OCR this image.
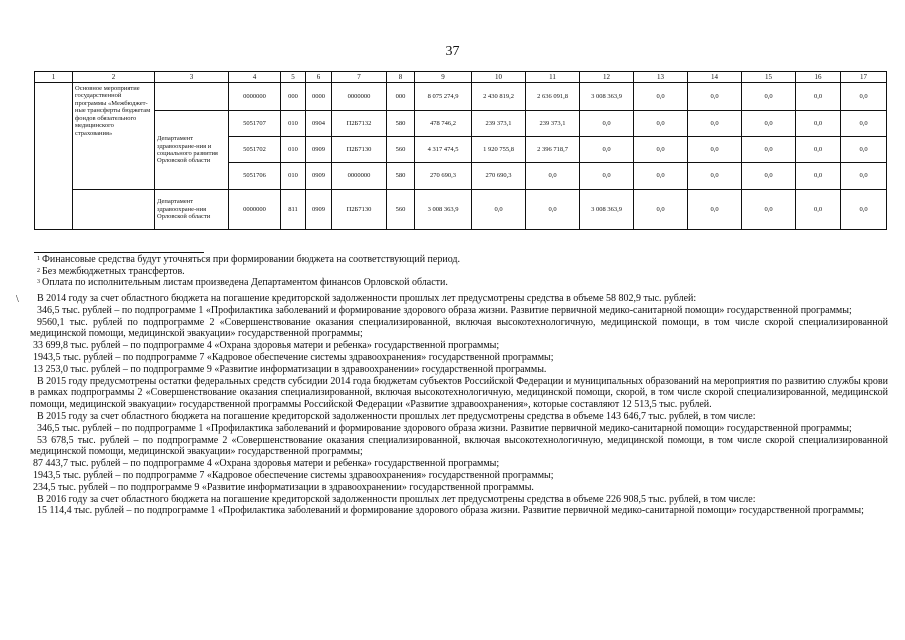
37
1	2	3	4	5	6	7	8	9	10	11	12	13	14	15	16	17
	Основное мероприятие государственной программы «Межбюджет-ные трансферты бюджетам фондов обязательного медицинского страхования»		0000000	000	0000	0000000	000	8 075 274,9	2 430 819,2	2 636 091,8	3 008 363,9	0,0	0,0	0,0	0,0	0,0
		Департамент здравоохране-ния и социального развития Орловской области	5051707	010	0904	П2Б7132	580	478 746,2	239 373,1	239 373,1	0,0	0,0	0,0	0,0	0,0	0,0
			5051702	010	0909	П2Б7130	560	4 317 474,5	1 920 755,8	2 396 718,7	0,0	0,0	0,0	0,0	0,0	0,0
			5051706	010	0909	0000000	580	270 690,3	270 690,3	0,0	0,0	0,0	0,0	0,0	0,0	0,0
		Департамент здравоохране-ния Орловской области	0000000	811	0909	П2Б7130	560	3 008 363,9	0,0	0,0	3 008 363,9	0,0	0,0	0,0	0,0	0,0
$^1$ Финансовые средства будут уточняться при формировании бюджета на соответствующий период.
$^2$ Без межбюджетных трансфертов.
$^3$ Оплата по исполнительным листам произведена Департаментом финансов Орловской области.
\	В 2014 году за счет областного бюджета на погашение кредиторской задолженности прошлых лет предусмотрены средства в объеме 58 802,9 тыс. рублей:

346,5 тыс. рублей – по подпрограмме 1 «Профилактика заболеваний и формирование здорового образа жизни. Развитие первичной медико-санитарной помощи» государственной программы;

9560,1 тыс. рублей по подпрограмме 2 «Совершенствование оказания специализированной, включая высокотехнологичную, медицинской помощи, в том числе скорой специализированной медицинской помощи, медицинской эвакуации» государственной программы;

33 699,8 тыс. рублей – по подпрограмме 4 «Охрана здоровья матери и ребенка» государственной программы;

1943,5 тыс. рублей – по подпрограмме 7 «Кадровое обеспечение системы здравоохранения» государственной программы;

13 253,0 тыс. рублей – по подпрограмме 9 «Развитие информатизации в здравоохранении» государственной программы.

В 2015 году предусмотрены остатки федеральных средств субсидии 2014 года бюджетам субъектов Российской Федерации и муниципальных образований на мероприятия по развитию службы крови в рамках подпрограммы 2 «Совершенствование оказания специализированной, включая высокотехнологичную, медицинской помощи, скорой, в том числе скорой специализированной, медицинской помощи, медицинской эвакуации» государственной программы Российской Федерации «Развитие здравоохранения», которые составляют 12 513,5 тыс. рублей.

В 2015 году за счет областного бюджета на погашение кредиторской задолженности прошлых лет предусмотрены средства в объеме 143 646,7 тыс. рублей, в том числе:

346,5 тыс. рублей – по подпрограмме 1 «Профилактика заболеваний и формирование здорового образа жизни. Развитие первичной медико-санитарной помощи» государственной программы;

53 678,5 тыс. рублей – по подпрограмме 2 «Совершенствование оказания специализированной, включая высокотехнологичную, медицинской помощи, в том числе скорой специализированной медицинской помощи, медицинской эвакуации» государственной программы;

87 443,7 тыс. рублей – по подпрограмме 4 «Охрана здоровья матери и ребенка» государственной программы;

1943,5 тыс. рублей – по подпрограмме 7 «Кадровое обеспечение системы здравоохранения» государственной программы;

234,5 тыс. рублей – по подпрограмме 9 «Развитие информатизации в здравоохранении» государственной программы.

В 2016 году за счет областного бюджета на погашение кредиторской задолженности прошлых лет предусмотрены средства в объеме 226 908,5 тыс. рублей, в том числе:

15 114,4 тыс. рублей – по подпрограмме 1 «Профилактика заболеваний и формирование здорового образа жизни. Развитие первичной медико-санитарной помощи» государственной программы;
